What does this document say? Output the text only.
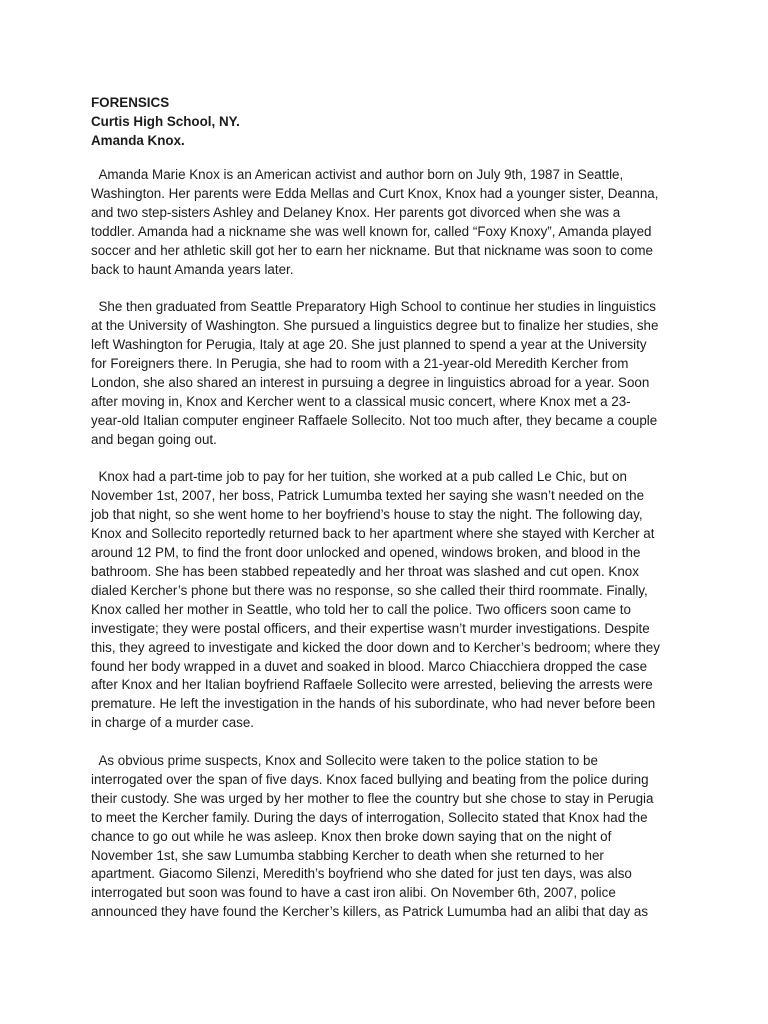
FORENSICS
Curtis High School, NY.
Amanda Knox.
Amanda Marie Knox is an American activist and author born on July 9th, 1987 in Seattle,
Washington. Her parents were Edda Mellas and Curt Knox, Knox had a younger sister, Deanna,
and two step-sisters Ashley and Delaney Knox. Her parents got divorced when she was a
toddler. Amanda had a nickname she was well known for, called “Foxy Knoxy”, Amanda played
soccer and her athletic skill got her to earn her nickname. But that nickname was soon to come
back to haunt Amanda years later.
She then graduated from Seattle Preparatory High School to continue her studies in linguistics
at the University of Washington. She pursued a linguistics degree but to finalize her studies, she
left Washington for Perugia, Italy at age 20. She just planned to spend a year at the University
for Foreigners there. In Perugia, she had to room with a 21-year-old Meredith Kercher from
London, she also shared an interest in pursuing a degree in linguistics abroad for a year. Soon
after moving in, Knox and Kercher went to a classical music concert, where Knox met a 23-
year-old Italian computer engineer Raffaele Sollecito. Not too much after, they became a couple
and began going out.
Knox had a part-time job to pay for her tuition, she worked at a pub called Le Chic, but on
November 1st, 2007, her boss, Patrick Lumumba texted her saying she wasn’t needed on the
job that night, so she went home to her boyfriend’s house to stay the night. The following day,
Knox and Sollecito reportedly returned back to her apartment where she stayed with Kercher at
around 12 PM, to find the front door unlocked and opened, windows broken, and blood in the
bathroom. She has been stabbed repeatedly and her throat was slashed and cut open. Knox
dialed Kercher’s phone but there was no response, so she called their third roommate. Finally,
Knox called her mother in Seattle, who told her to call the police. Two officers soon came to
investigate; they were postal officers, and their expertise wasn’t murder investigations. Despite
this, they agreed to investigate and kicked the door down and to Kercher’s bedroom; where they
found her body wrapped in a duvet and soaked in blood. Marco Chiacchiera dropped the case
after Knox and her Italian boyfriend Raffaele Sollecito were arrested, believing the arrests were
premature. He left the investigation in the hands of his subordinate, who had never before been
in charge of a murder case.
As obvious prime suspects, Knox and Sollecito were taken to the police station to be
interrogated over the span of five days. Knox faced bullying and beating from the police during
their custody. She was urged by her mother to flee the country but she chose to stay in Perugia
to meet the Kercher family. During the days of interrogation, Sollecito stated that Knox had the
chance to go out while he was asleep. Knox then broke down saying that on the night of
November 1st, she saw Lumumba stabbing Kercher to death when she returned to her
apartment. Giacomo Silenzi, Meredith’s boyfriend who she dated for just ten days, was also
interrogated but soon was found to have a cast iron alibi. On November 6th, 2007, police
announced they have found the Kercher’s killers, as Patrick Lumumba had an alibi that day as
